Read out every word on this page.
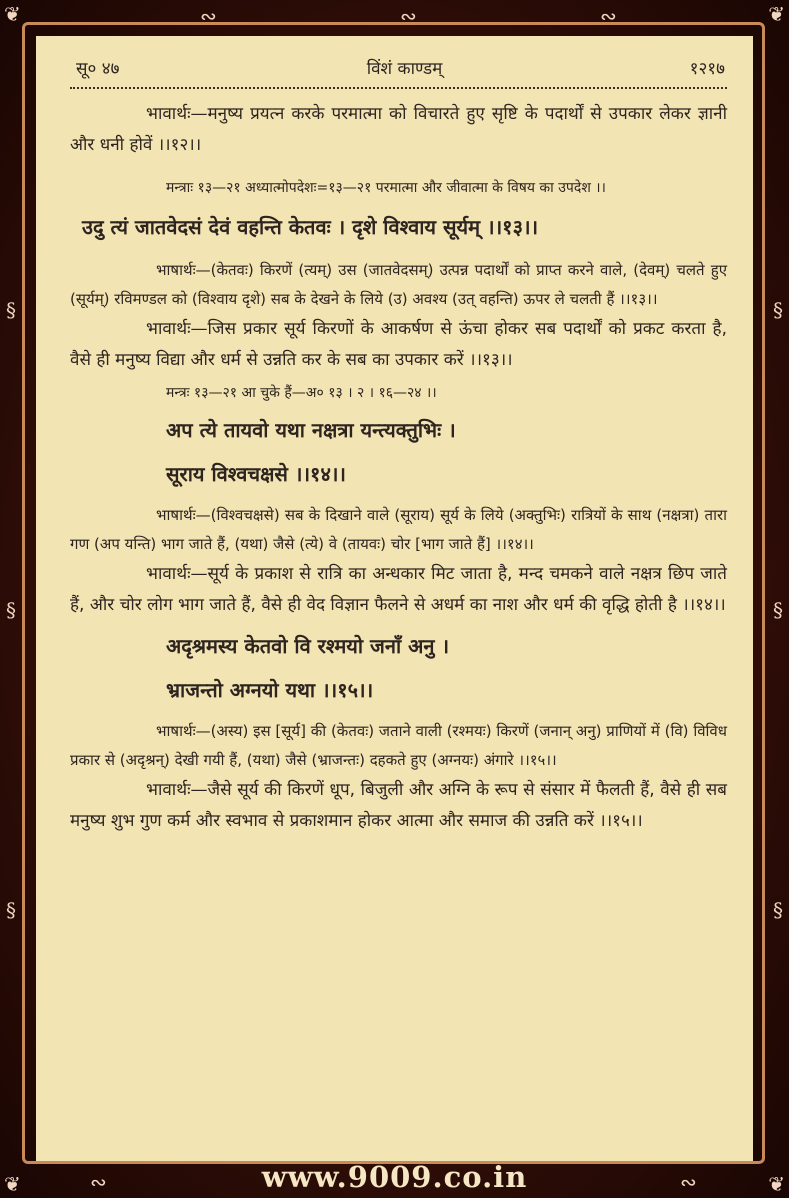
❦	❦
❦	❦
§
§
§
§
§
§
∾	∾	∾
∾	∾
सू० ४७	विंशं काण्डम्	१२१७

भावार्थः—मनुष्य प्रयत्न करके परमात्मा को विचारते हुए सृष्टि के पदार्थों से उपकार लेकर ज्ञानी और धनी होवें ।।१२।।

मन्त्राः १३—२१ अध्यात्मोपदेशः=१३—२१ परमात्मा और जीवात्मा के विषय का उपदेश ।।

उदु त्यं जातवेदसं देवं वहन्ति केतवः । दृशे विश्वाय सूर्यम् ।।१३।।

भाषार्थः—(केतवः) किरणें (त्यम्) उस (जातवेदसम्) उत्पन्न पदार्थों को प्राप्त करने वाले, (देवम्) चलते हुए (सूर्यम्) रविमण्डल को (विश्वाय दृशे) सब के देखने के लिये (उ) अवश्य (उत् वहन्ति) ऊपर ले चलती हैं ।।१३।।

भावार्थः—जिस प्रकार सूर्य किरणों के आकर्षण से ऊंचा होकर सब पदार्थों को प्रकट करता है, वैसे ही मनुष्य विद्या और धर्म से उन्नति कर के सब का उपकार करें ।।१३।।

मन्त्रः १३—२१ आ चुके हैं—अ० १३ । २ । १६—२४ ।।

अप त्ये तायवो यथा नक्षत्रा यन्त्यक्तुभिः ।

सूराय विश्वचक्षसे ।।१४।।

भाषार्थः—(विश्वचक्षसे) सब के दिखाने वाले (सूराय) सूर्य के लिये (अक्तुभिः) रात्रियों के साथ (नक्षत्रा) तारा गण (अप यन्ति) भाग जाते हैं, (यथा) जैसे (त्ये) वे (तायवः) चोर [भाग जाते हैं] ।।१४।।

भावार्थः—सूर्य के प्रकाश से रात्रि का अन्धकार मिट जाता है, मन्द चमकने वाले नक्षत्र छिप जाते हैं, और चोर लोग भाग जाते हैं, वैसे ही वेद विज्ञान फैलने से अधर्म का नाश और धर्म की वृद्धि होती है ।।१४।।

अदृश्रमस्य केतवो वि रश्मयो जनाँ अनु ।

भ्राजन्तो अग्नयो यथा ।।१५।।

भाषार्थः—(अस्य) इस [सूर्य] की (केतवः) जताने वाली (रश्मयः) किरणें (जनान् अनु) प्राणियों में (वि) विविध प्रकार से (अदृश्रन्) देखी गयी हैं, (यथा) जैसे (भ्राजन्तः) दहकते हुए (अग्नयः) अंगारे ।।१५।।

भावार्थः—जैसे सूर्य की किरणें धूप, बिजुली और अग्नि के रूप से संसार में फैलती हैं, वैसे ही सब मनुष्य शुभ गुण कर्म और स्वभाव से प्रकाशमान होकर आत्मा और समाज की उन्नति करें ।।१५।।

www.9009.co.in
